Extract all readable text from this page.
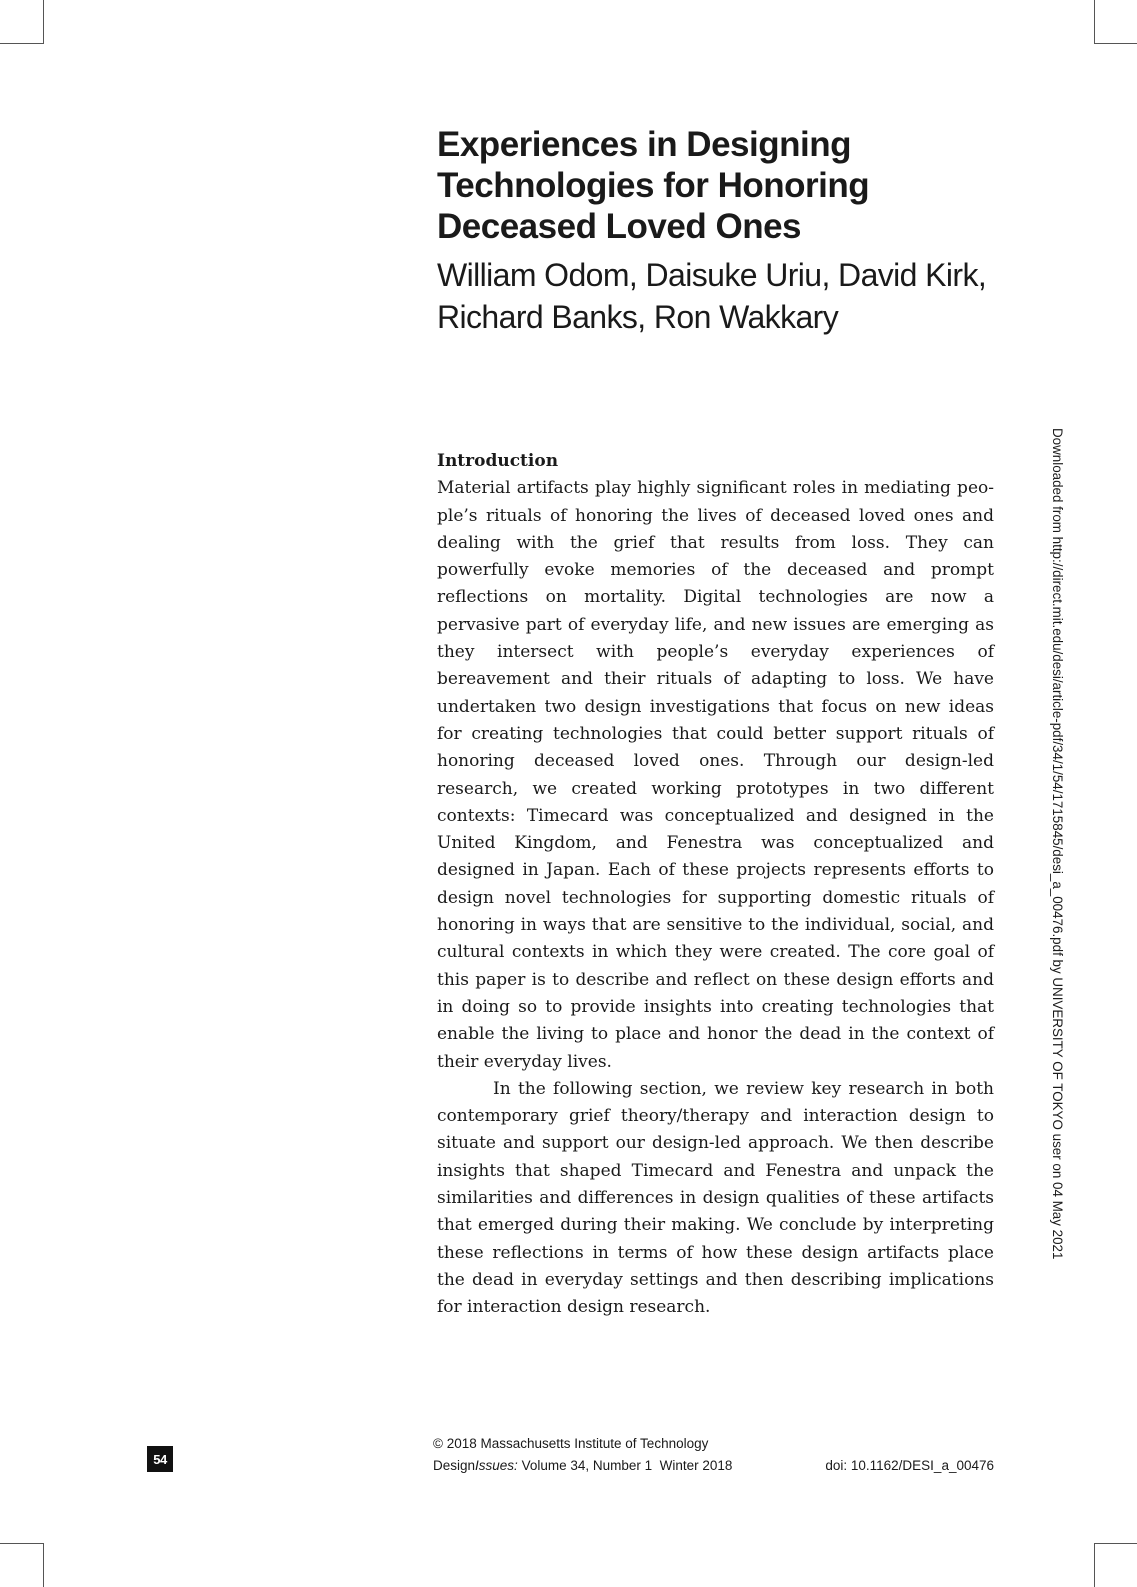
Experiences in Designing
Technologies for Honoring
Deceased Loved Ones
William Odom, Daisuke Uriu, David Kirk,
Richard Banks, Ron Wakkary

Introduction

Material artifacts play highly significant roles in mediating people’s rituals of honoring the lives of deceased loved ones and dealing with the grief that results from loss. They can powerfully evoke memories of the deceased and prompt reflections on mortality. Digital technologies are now a pervasive part of everyday life, and new issues are emerging as they intersect with people’s everyday experiences of bereavement and their rituals of adapting to loss. We have undertaken two design investigations that focus on new ideas for creating technologies that could better support rituals of honoring deceased loved ones. Through our design-led research, we created working prototypes in two different contexts: Timecard was conceptualized and designed in the United Kingdom, and Fenestra was conceptualized and designed in Japan. Each of these projects represents efforts to design novel technologies for supporting domestic rituals of honoring in ways that are sensitive to the individual, social, and cultural contexts in which they were created. The core goal of this paper is to describe and reflect on these design efforts and in doing so to provide insights into creating technologies that enable the living to place and honor the dead in the context of their everyday lives.

In the following section, we review key research in both contemporary grief theory/therapy and interaction design to situate and support our design-led approach. We then describe insights that shaped Timecard and Fenestra and unpack the similarities and differences in design qualities of these artifacts that emerged during their making. We conclude by interpreting these reflections in terms of how these design artifacts place the dead in everyday settings and then describing implications for interaction design research.

Downloaded from http://direct.mit.edu/desi/article-pdf/34/1/54/1715845/desi_a_00476.pdf by UNIVERSITY OF TOKYO user on 04 May 2021
54
© 2018 Massachusetts Institute of Technology
DesignIssues: Volume 34, Number 1  Winter 2018	doi: 10.1162/DESI_a_00476
